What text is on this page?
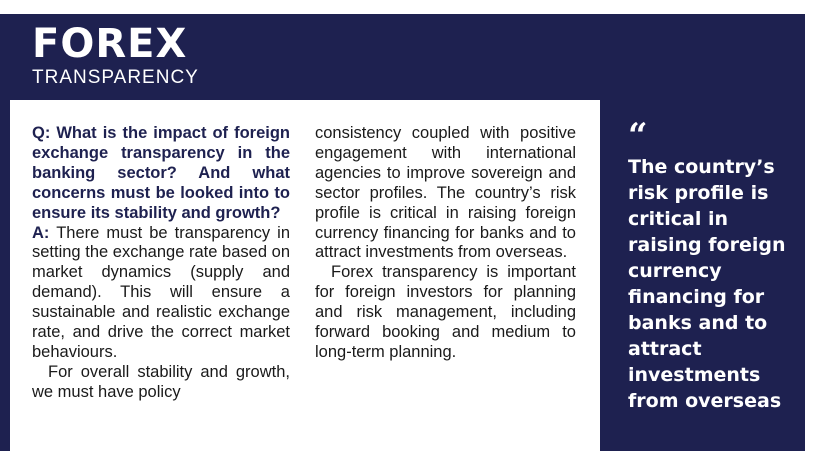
FOREX
TRANSPARENCY

Q: What is the impact of foreign exchange transparency in the banking sector? And what concerns must be looked into to ensure its stability and growth?

A: There must be transparency in setting the exchange rate based on market dynamics (supply and demand). This will ensure a sustainable and realistic exchange rate, and drive the correct market behaviours.

For overall stability and growth, we must have policy

consistency coupled with positive engagement with international agencies to improve sovereign and sector profiles. The country’s risk profile is critical in raising foreign currency financing for banks and to attract investments from overseas.

Forex transparency is important for foreign investors for planning and risk management, including forward booking and medium to long-term planning.

“
The country’s risk profile is critical in raising foreign currency financing for banks and to attract investments from overseas
